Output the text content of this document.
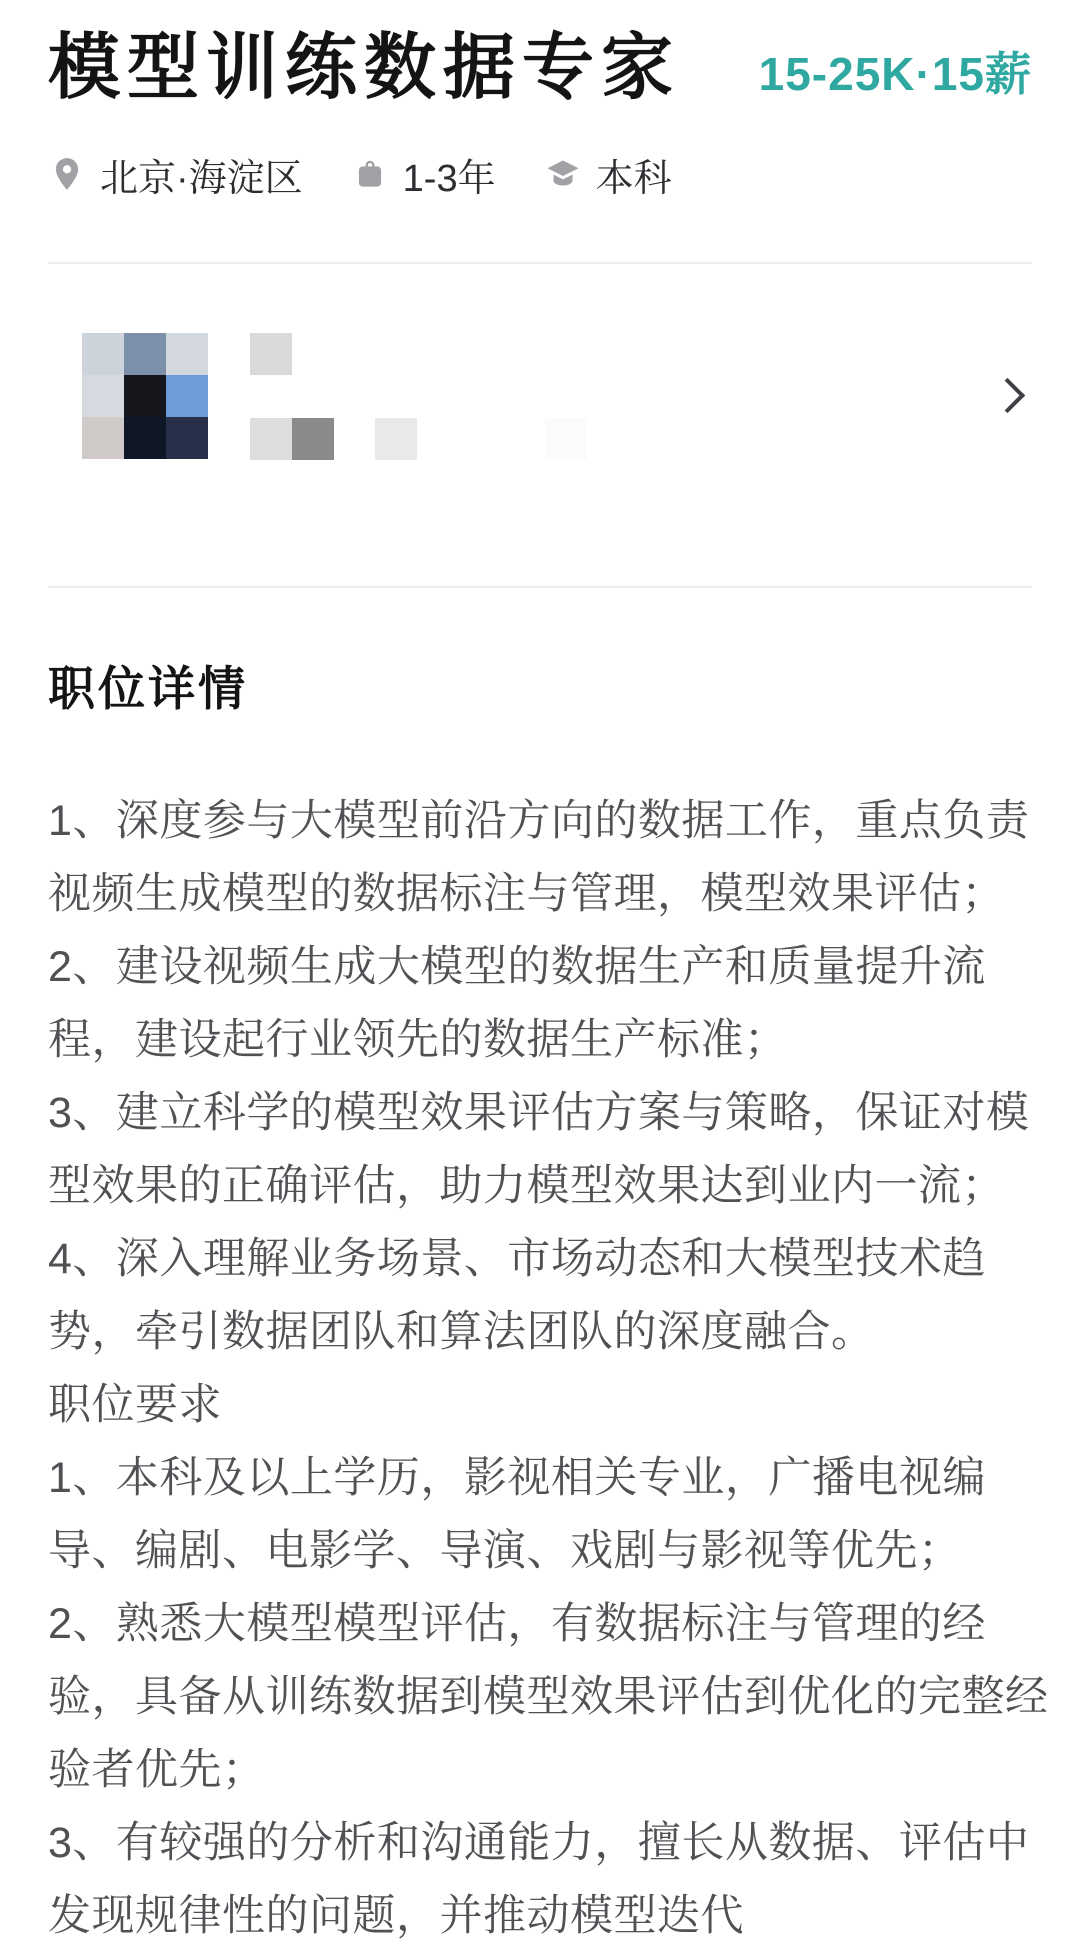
模型训练数据专家 15-25K·15薪
北京·海淀区	1-3年	本科
职位详情
1、深度参与大模型前沿方向的数据工作，重点负责
视频生成模型的数据标注与管理，模型效果评估；
2、建设视频生成大模型的数据生产和质量提升流
程，建设起行业领先的数据生产标准；
3、建立科学的模型效果评估方案与策略，保证对模
型效果的正确评估，助力模型效果达到业内一流；
4、深入理解业务场景、市场动态和大模型技术趋
势，牵引数据团队和算法团队的深度融合。
职位要求
1、本科及以上学历，影视相关专业，广播电视编
导、编剧、电影学、导演、戏剧与影视等优先；
2、熟悉大模型模型评估，有数据标注与管理的经
验，具备从训练数据到模型效果评估到优化的完整经
验者优先；
3、有较强的分析和沟通能力，擅长从数据、评估中
发现规律性的问题，并推动模型迭代
